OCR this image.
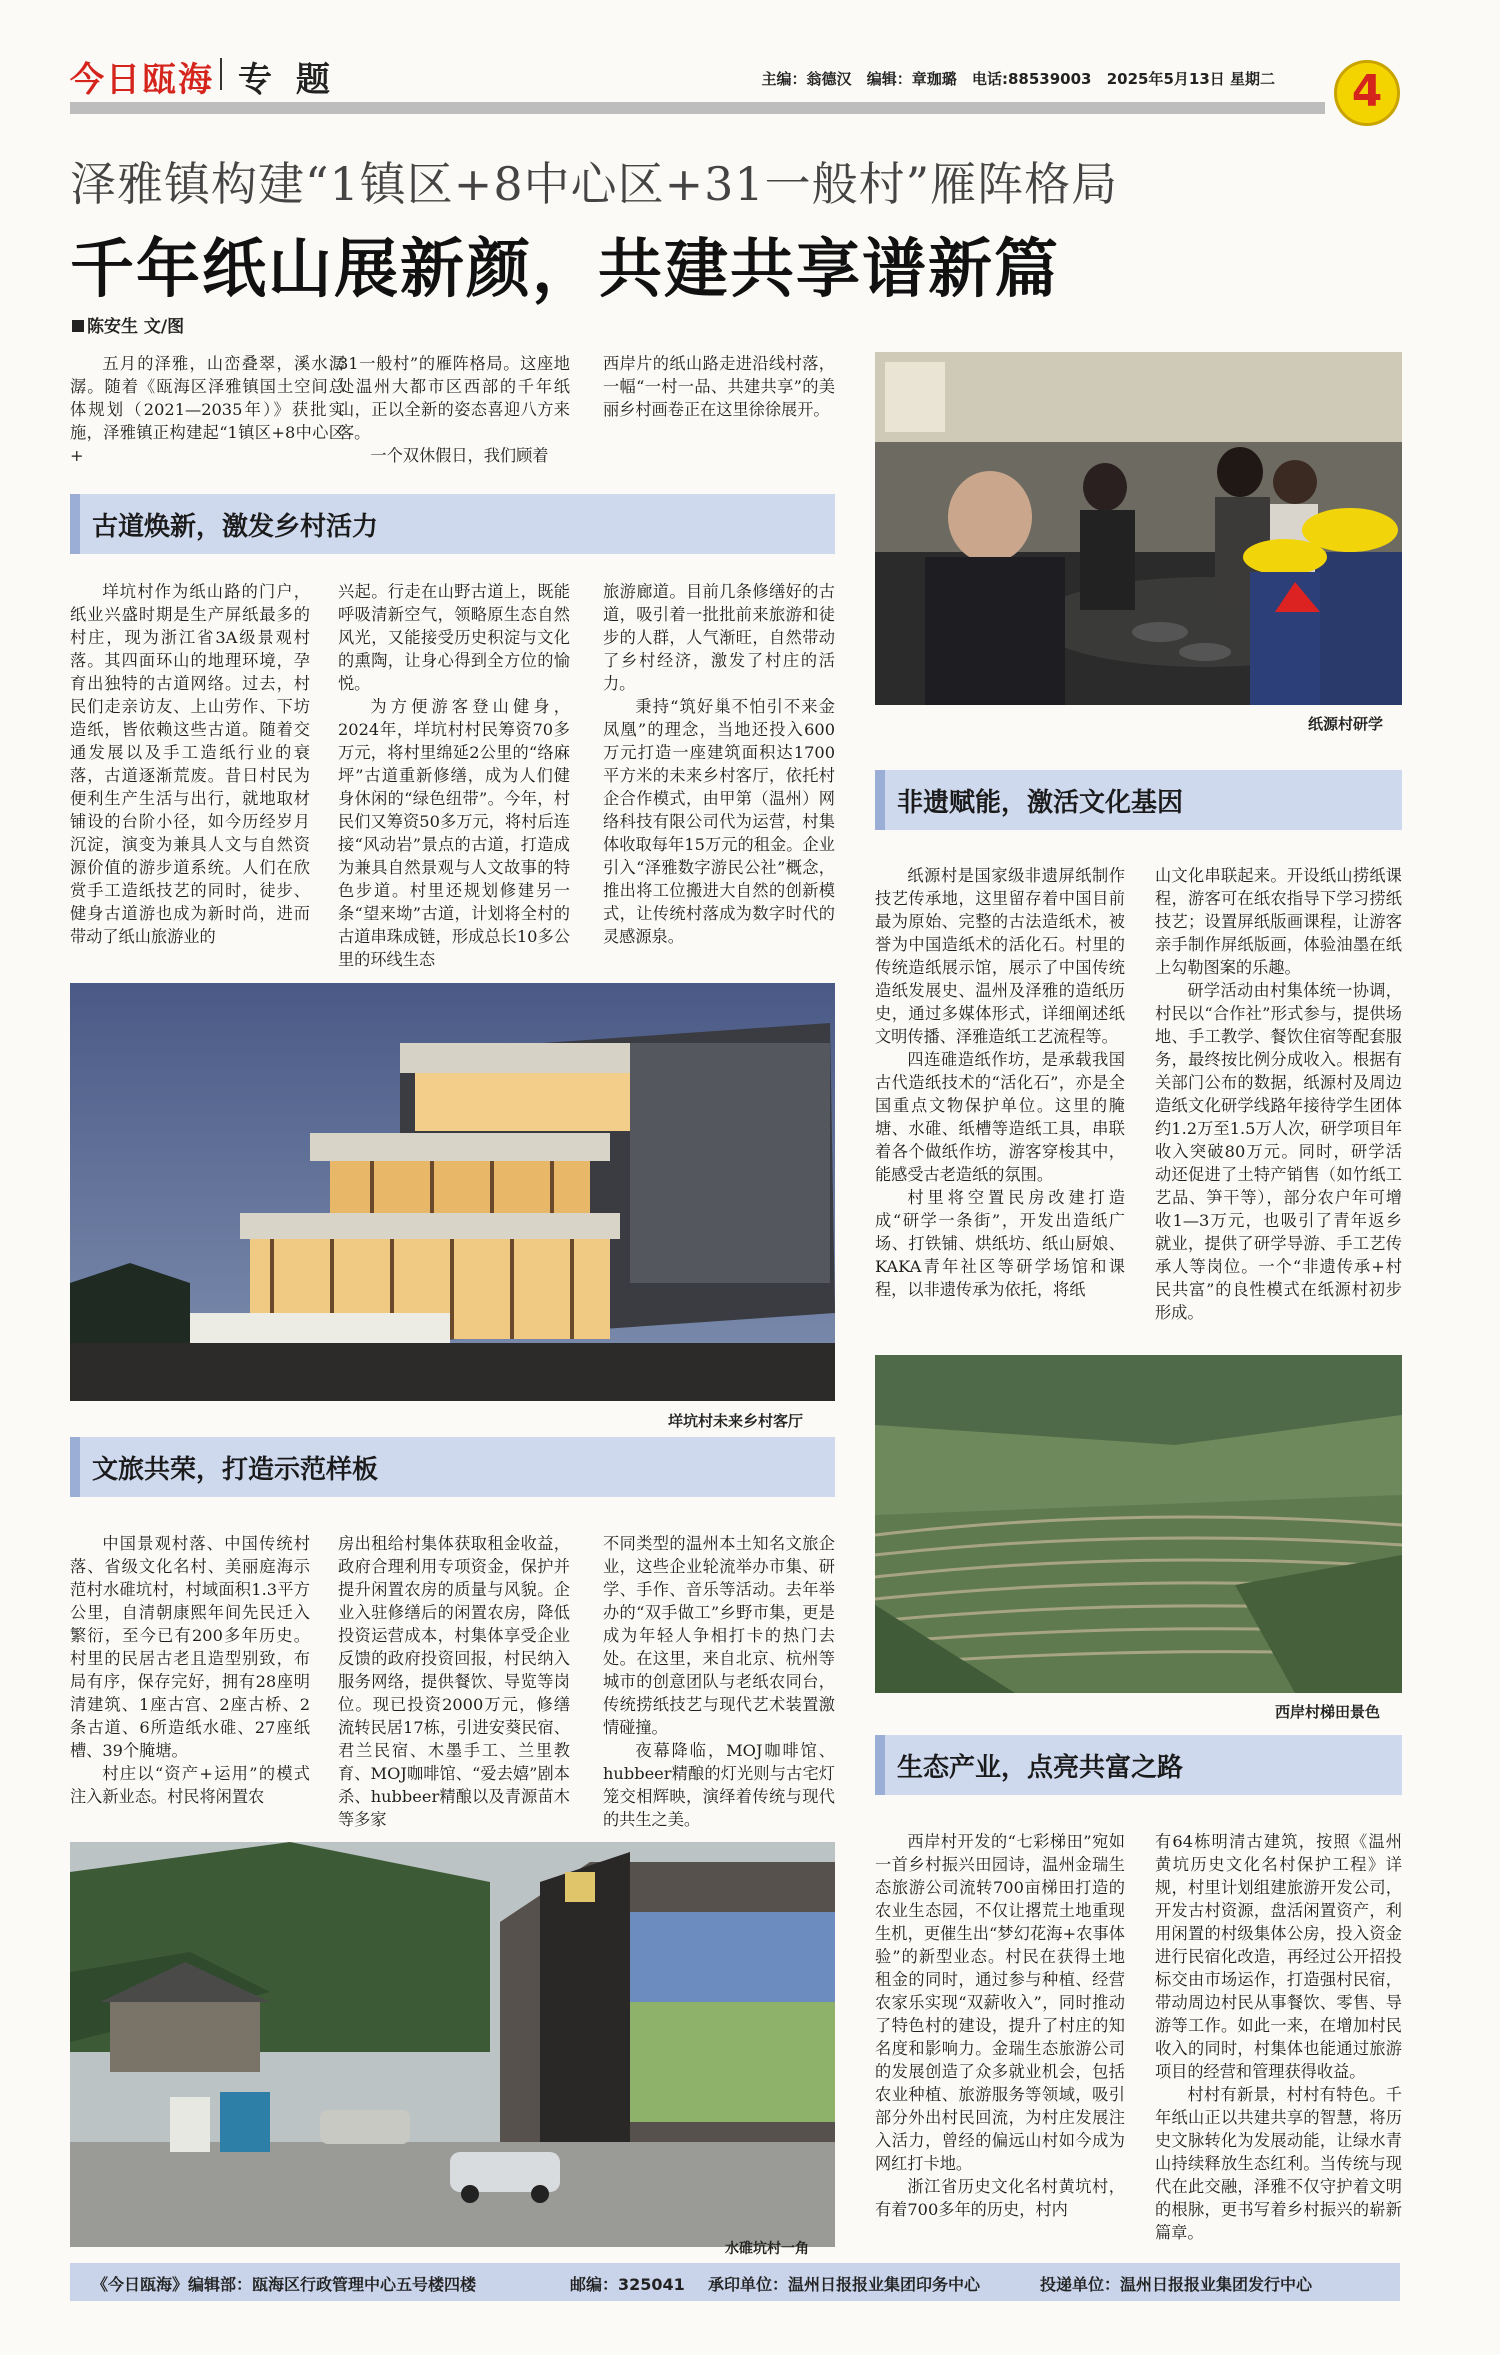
今日瓯海 专 题	主编：翁德汉 编辑：章珈璐 电话:88539003 2025年5月13日 星期二	4
泽雅镇构建“1镇区+8中心区+31一般村”雁阵格局
千年纸山展新颜，共建共享谱新篇
陈安生 文/图

五月的泽雅，山峦叠翠，溪水潺潺。随着《瓯海区泽雅镇国土空间总体规划（2021—2035年）》获批实施，泽雅镇正构建起“1镇区+8中心区+

31一般村”的雁阵格局。这座地处温州大都市区西部的千年纸山，正以全新的姿态喜迎八方来客。

一个双休假日，我们顾着

西岸片的纸山路走进沿线村落，一幅“一村一品、共建共享”的美丽乡村画卷正在这里徐徐展开。

纸源村研学
古道焕新，激发乡村活力

垟坑村作为纸山路的门户，纸业兴盛时期是生产屏纸最多的村庄，现为浙江省3A级景观村落。其四面环山的地理环境，孕育出独特的古道网络。过去，村民们走亲访友、上山劳作、下坊造纸，皆依赖这些古道。随着交通发展以及手工造纸行业的衰落，古道逐渐荒废。昔日村民为便利生产生活与出行，就地取材铺设的台阶小径，如今历经岁月沉淀，演变为兼具人文与自然资源价值的游步道系统。人们在欣赏手工造纸技艺的同时，徒步、健身古道游也成为新时尚，进而带动了纸山旅游业的

兴起。行走在山野古道上，既能呼吸清新空气，领略原生态自然风光，又能接受历史积淀与文化的熏陶，让身心得到全方位的愉悦。

为方便游客登山健身，2024年，垟坑村村民筹资70多万元，将村里绵延2公里的“络麻坪”古道重新修缮，成为人们健身休闲的“绿色纽带”。今年，村民们又筹资50多万元，将村后连接“风动岩”景点的古道，打造成为兼具自然景观与人文故事的特色步道。村里还规划修建另一条“望来坳”古道，计划将全村的古道串珠成链，形成总长10多公里的环线生态

旅游廊道。目前几条修缮好的古道，吸引着一批批前来旅游和徒步的人群，人气渐旺，自然带动了乡村经济，激发了村庄的活力。

秉持“筑好巢不怕引不来金凤凰”的理念，当地还投入600万元打造一座建筑面积达1700平方米的未来乡村客厅，依托村企合作模式，由甲第（温州）网络科技有限公司代为运营，村集体收取每年15万元的租金。企业引入“泽雅数字游民公社”概念，推出将工位搬进大自然的创新模式，让传统村落成为数字时代的灵感源泉。

非遗赋能，激活文化基因

纸源村是国家级非遗屏纸制作技艺传承地，这里留存着中国目前最为原始、完整的古法造纸术，被誉为中国造纸术的活化石。村里的传统造纸展示馆，展示了中国传统造纸发展史、温州及泽雅的造纸历史，通过多媒体形式，详细阐述纸文明传播、泽雅造纸工艺流程等。

四连碓造纸作坊，是承载我国古代造纸技术的“活化石”，亦是全国重点文物保护单位。这里的腌塘、水碓、纸槽等造纸工具，串联着各个做纸作坊，游客穿梭其中，能感受古老造纸的氛围。

村里将空置民房改建打造成“研学一条街”，开发出造纸广场、打铁铺、烘纸坊、纸山厨娘、KAKA青年社区等研学场馆和课程，以非遗传承为依托，将纸

山文化串联起来。开设纸山捞纸课程，游客可在纸农指导下学习捞纸技艺；设置屏纸版画课程，让游客亲手制作屏纸版画，体验油墨在纸上勾勒图案的乐趣。

研学活动由村集体统一协调，村民以“合作社”形式参与，提供场地、手工教学、餐饮住宿等配套服务，最终按比例分成收入。根据有关部门公布的数据，纸源村及周边造纸文化研学线路年接待学生团体约1.2万至1.5万人次，研学项目年收入突破80万元。同时，研学活动还促进了土特产销售（如竹纸工艺品、笋干等），部分农户年可增收1—3万元，也吸引了青年返乡就业，提供了研学导游、手工艺传承人等岗位。一个“非遗传承+村民共富”的良性模式在纸源村初步形成。

垟坑村未来乡村客厅
文旅共荣，打造示范样板

中国景观村落、中国传统村落、省级文化名村、美丽庭海示范村水碓坑村，村域面积1.3平方公里，自清朝康熙年间先民迁入繁衍，至今已有200多年历史。村里的民居古老且造型别致，布局有序，保存完好，拥有28座明清建筑、1座古宫、2座古桥、2条古道、6所造纸水碓、27座纸槽、39个腌塘。

村庄以“资产+运用”的模式注入新业态。村民将闲置农

房出租给村集体获取租金收益，政府合理利用专项资金，保护并提升闲置农房的质量与风貌。企业入驻修缮后的闲置农房，降低投资运营成本，村集体享受企业反馈的政府投资回报，村民纳入服务网络，提供餐饮、导览等岗位。现已投资2000万元，修缮流转民居17栋，引进安葵民宿、君兰民宿、木墨手工、兰里教育、MOJ咖啡馆、“爱去嬉”剧本杀、hubbeer精酿以及青源苗木等多家

不同类型的温州本土知名文旅企业，这些企业轮流举办市集、研学、手作、音乐等活动。去年举办的“双手做工”乡野市集，更是成为年轻人争相打卡的热门去处。在这里，来自北京、杭州等城市的创意团队与老纸农同台，传统捞纸技艺与现代艺术装置激情碰撞。

夜幕降临，MOJ咖啡馆、hubbeer精酿的灯光则与古宅灯笼交相辉映，演绎着传统与现代的共生之美。

西岸村梯田景色
生态产业，点亮共富之路

西岸村开发的“七彩梯田”宛如一首乡村振兴田园诗，温州金瑞生态旅游公司流转700亩梯田打造的农业生态园，不仅让撂荒土地重现生机，更催生出“梦幻花海+农事体验”的新型业态。村民在获得土地租金的同时，通过参与种植、经营农家乐实现“双薪收入”，同时推动了特色村的建设，提升了村庄的知名度和影响力。金瑞生态旅游公司的发展创造了众多就业机会，包括农业种植、旅游服务等领域，吸引部分外出村民回流，为村庄发展注入活力，曾经的偏远山村如今成为网红打卡地。

浙江省历史文化名村黄坑村，有着700多年的历史，村内

有64栋明清古建筑，按照《温州黄坑历史文化名村保护工程》详规，村里计划组建旅游开发公司，开发古村资源，盘活闲置资产，利用闲置的村级集体公房，投入资金进行民宿化改造，再经过公开招投标交由市场运作，打造强村民宿，带动周边村民从事餐饮、零售、导游等工作。如此一来，在增加村民收入的同时，村集体也能通过旅游项目的经营和管理获得收益。

村村有新景，村村有特色。千年纸山正以共建共享的智慧，将历史文脉转化为发展动能，让绿水青山持续释放生态红利。当传统与现代在此交融，泽雅不仅守护着文明的根脉，更书写着乡村振兴的崭新篇章。

水碓坑村一角
《今日瓯海》编辑部：瓯海区行政管理中心五号楼四楼	邮编：325041 承印单位：温州日报报业集团印务中心	投递单位：温州日报报业集团发行中心
